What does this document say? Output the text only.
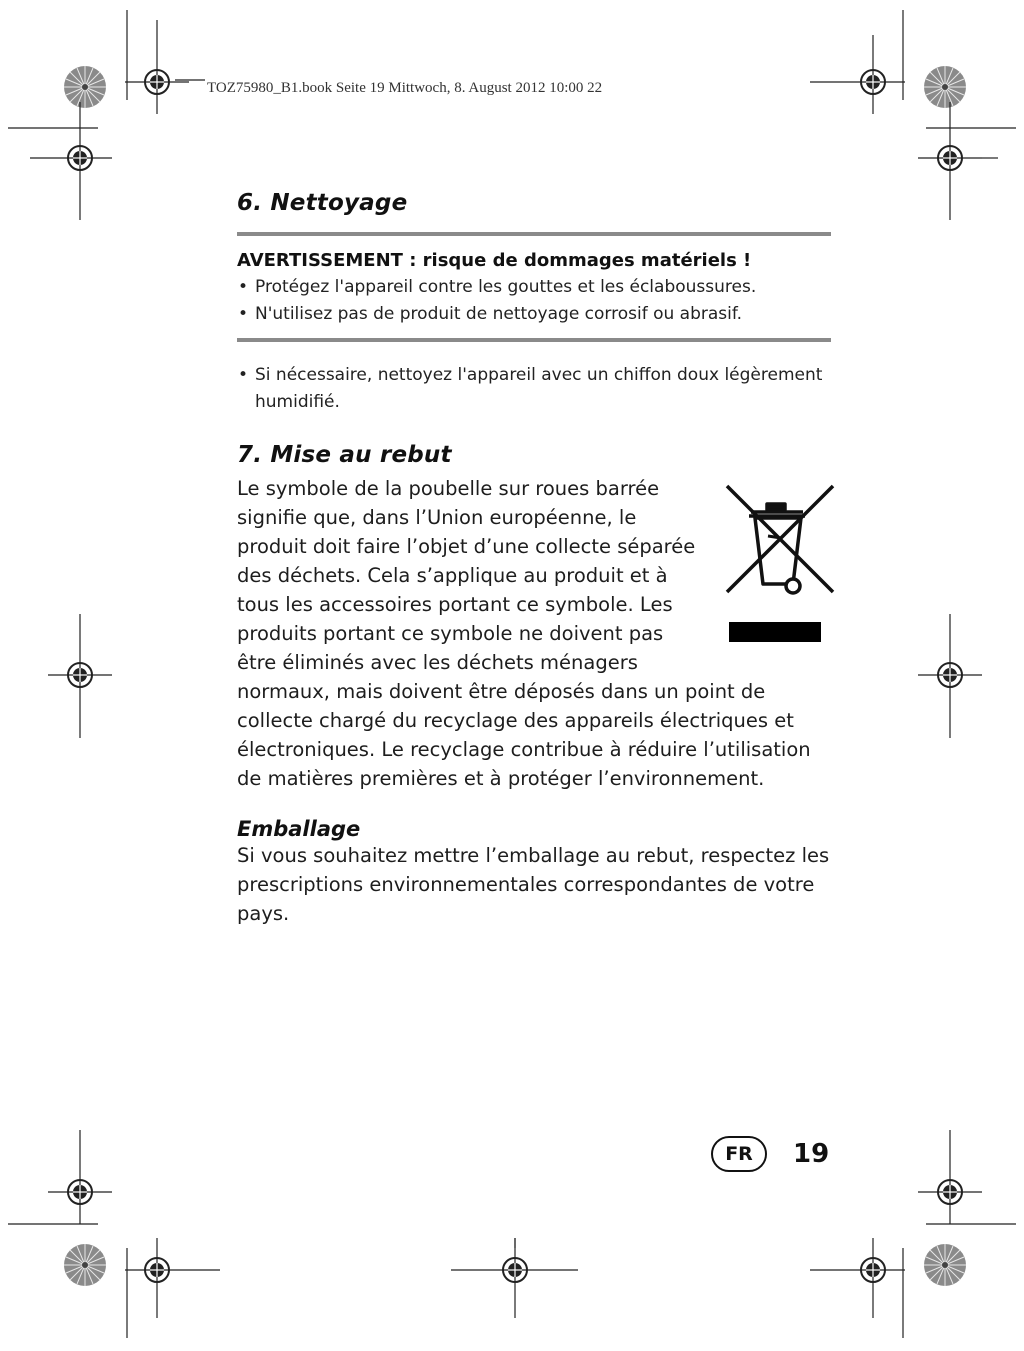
TOZ75980_B1.book Seite 19 Mittwoch, 8. August 2012 10:00 22

6. Nettoyage

AVERTISSEMENT : risque de dommages matériels !

• Protégez l'appareil contre les gouttes et les éclaboussures.
• N'utilisez pas de produit de nettoyage corrosif ou abrasif.
• Si nécessaire, nettoyez l'appareil avec un chiffon doux légèrement humidifié.
7. Mise au rebut

Le symbole de la poubelle sur roues barrée signifie que, dans l’Union européenne, le produit doit faire l’objet d’une collecte séparée des déchets. Cela s’applique au produit et à tous les accessoires portant ce symbole. Les produits portant ce symbole ne doivent pas être éliminés avec les déchets ménagers normaux, mais doivent être déposés dans un point de collecte chargé du recyclage des appareils électriques et électroniques. Le recyclage contribue à réduire l’utilisation de matières premières et à protéger l’environnement.

Emballage

Si vous souhaitez mettre l’emballage au rebut, respectez les prescriptions environnementales correspondantes de votre pays.

FR	19
